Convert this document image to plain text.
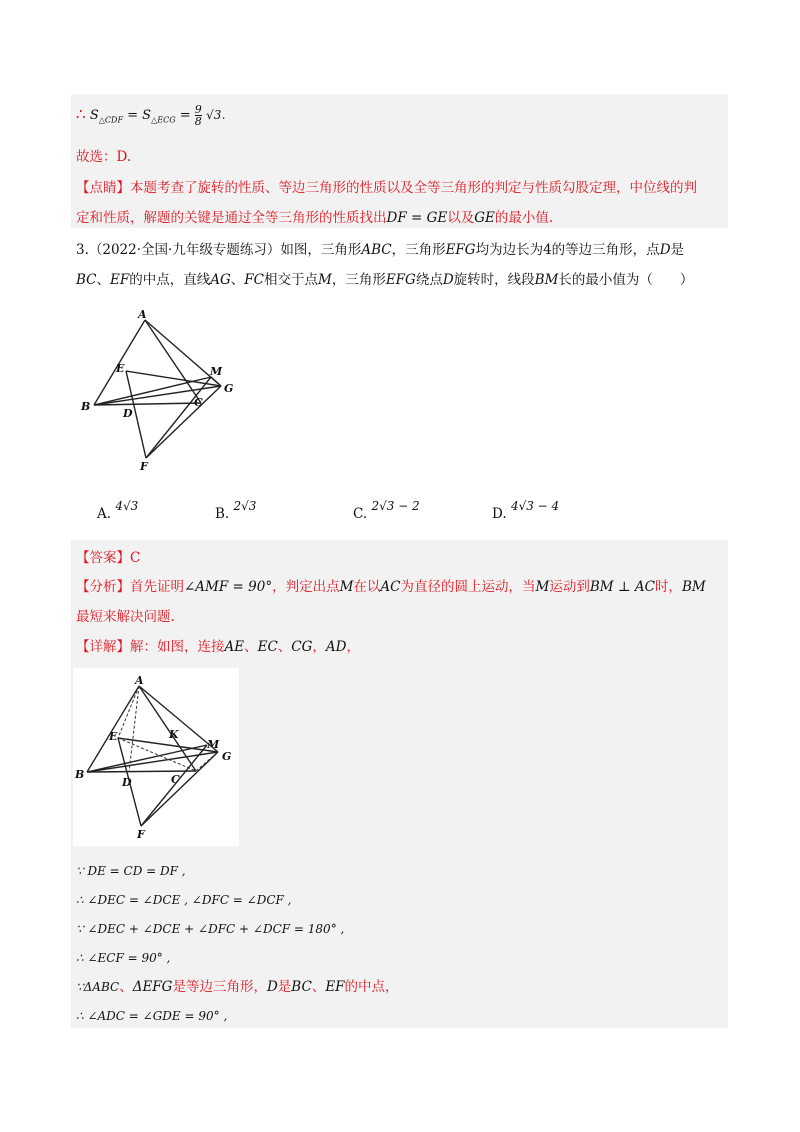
∴ $S_{\triangle CDF} = S_{\triangle ECG} = \frac{9}{8} √3$.
故选：D.
【点睛】本题考查了旋转的性质、等边三角形的性质以及全等三角形的判定与性质勾股定理，中位线的判
定和性质，解题的关键是通过全等三角形的性质找出DF = GE以及GE的最小值.
3.（2022·全国·九年级专题练习）如图，三角形ABC，三角形EFG均为边长为4的等边三角形，点D是
BC、EF的中点，直线AG、FC相交于点M，三角形EFG绕点D旋转时，线段BM长的最小值为（　　）
A
E	M
G
B	C
D
F
A. 4√3	B. 2√3	C. 2√3 − 2	D. 4√3 − 4
【答案】C
【分析】首先证明∠AMF = 90°，判定出点M在以AC为直径的圆上运动，当M运动到BM ⊥ AC时，BM
最短来解决问题.
【详解】解：如图，连接AE、EC、CG，AD，
A
E	K
M
G
B	C
D
F
∵ DE = CD = DF ,
∴ ∠DEC = ∠DCE , ∠DFC = ∠DCF ,
∵ ∠DEC + ∠DCE + ∠DFC + ∠DCF = 180° ,
∴ ∠ECF = 90° ,
∵ΔABC、ΔEFG是等边三角形，D是BC、EF的中点，
∴ ∠ADC = ∠GDE = 90° ,
